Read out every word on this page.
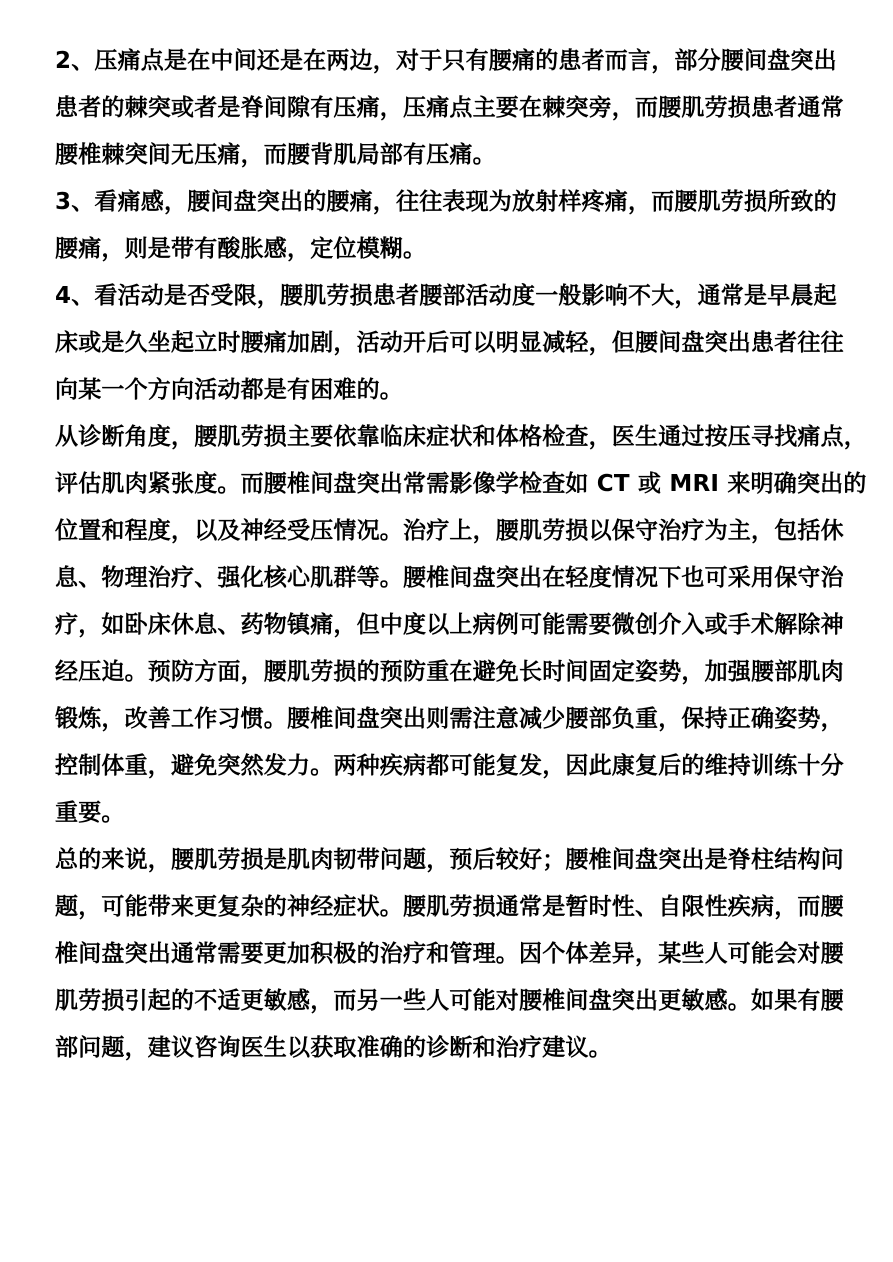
2、压痛点是在中间还是在两边，对于只有腰痛的患者而言，部分腰间盘突出
患者的棘突或者是脊间隙有压痛，压痛点主要在棘突旁，而腰肌劳损患者通常
腰椎棘突间无压痛，而腰背肌局部有压痛。
3、看痛感，腰间盘突出的腰痛，往往表现为放射样疼痛，而腰肌劳损所致的
腰痛，则是带有酸胀感，定位模糊。
4、看活动是否受限，腰肌劳损患者腰部活动度一般影响不大，通常是早晨起
床或是久坐起立时腰痛加剧，活动开后可以明显减轻，但腰间盘突出患者往往
向某一个方向活动都是有困难的。
从诊断角度，腰肌劳损主要依靠临床症状和体格检查，医生通过按压寻找痛点，
评估肌肉紧张度。而腰椎间盘突出常需影像学检查如 CT 或 MRI 来明确突出的
位置和程度，以及神经受压情况。治疗上，腰肌劳损以保守治疗为主，包括休
息、物理治疗、强化核心肌群等。腰椎间盘突出在轻度情况下也可采用保守治
疗，如卧床休息、药物镇痛，但中度以上病例可能需要微创介入或手术解除神
经压迫。预防方面，腰肌劳损的预防重在避免长时间固定姿势，加强腰部肌肉
锻炼，改善工作习惯。腰椎间盘突出则需注意减少腰部负重，保持正确姿势，
控制体重，避免突然发力。两种疾病都可能复发，因此康复后的维持训练十分
重要。
总的来说，腰肌劳损是肌肉韧带问题，预后较好；腰椎间盘突出是脊柱结构问
题，可能带来更复杂的神经症状。腰肌劳损通常是暂时性、自限性疾病，而腰
椎间盘突出通常需要更加积极的治疗和管理。因个体差异，某些人可能会对腰
肌劳损引起的不适更敏感，而另一些人可能对腰椎间盘突出更敏感。如果有腰
部问题，建议咨询医生以获取准确的诊断和治疗建议。
